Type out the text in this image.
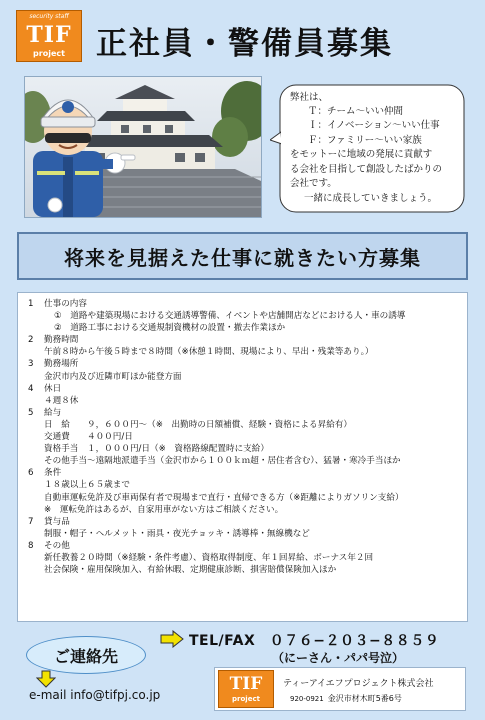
security staff
TIF
project	正社員・警備員募集
弊社は、
Ｔ：チーム〜いい仲間
Ｉ：イノベーション〜いい仕事
Ｆ：ファミリー〜いい家族
をモットーに地域の発展に貢献す
る会社を目指して創設したばかりの
会社です。
一緒に成長していきましょう。
将来を見据えた仕事に就きたい方募集
1 仕事の内容
①　道路や建築現場における交通誘導警備、イベントや店舗開店などにおける人・車の誘導
②　道路工事における交通規制資機材の設置・撤去作業ほか
2 勤務時間
午前８時から午後５時まで８時間（※休憩１時間、現場により、早出・残業等あり。）
3 勤務場所
金沢市内及び近隣市町ほか能登方面
4 休日
４週８休
5 給与
日　給　　９，６００円〜（※　出勤時の日額補償、経験・資格による昇給有）
交通費　　４００円/日
資格手当　１，０００円/日（※　資格路線配置時に支給）
その他手当〜遠隔地派遣手当（金沢市から１００ｋｍ超・居住者含む）、猛暑・寒冷手当ほか
6 条件
１８歳以上６５歳まで
自動車運転免許及び車両保有者で現場まで直行・直帰できる方（※距離によりガソリン支給）
※　運転免許はあるが、自家用車がない方はご相談ください。
7 貸与品
制服・帽子・ヘルメット・雨具・夜光チョッキ・誘導棒・無線機など
8 その他
新任教養２０時間（※経験・条件考慮）、資格取得制度、年１回昇給、ボーナス年２回
社会保険・雇用保険加入、有給休暇、定期健康診断、損害賠償保険加入ほか
ご連絡先
TEL/FAX　０７６−２０３−８８５９
（にーさん・パパ号泣）
e-mail info@tifpj.co.jp
TIF
project
ティーアイエフプロジェクト株式会社
920-0921 金沢市材木町5番6号
